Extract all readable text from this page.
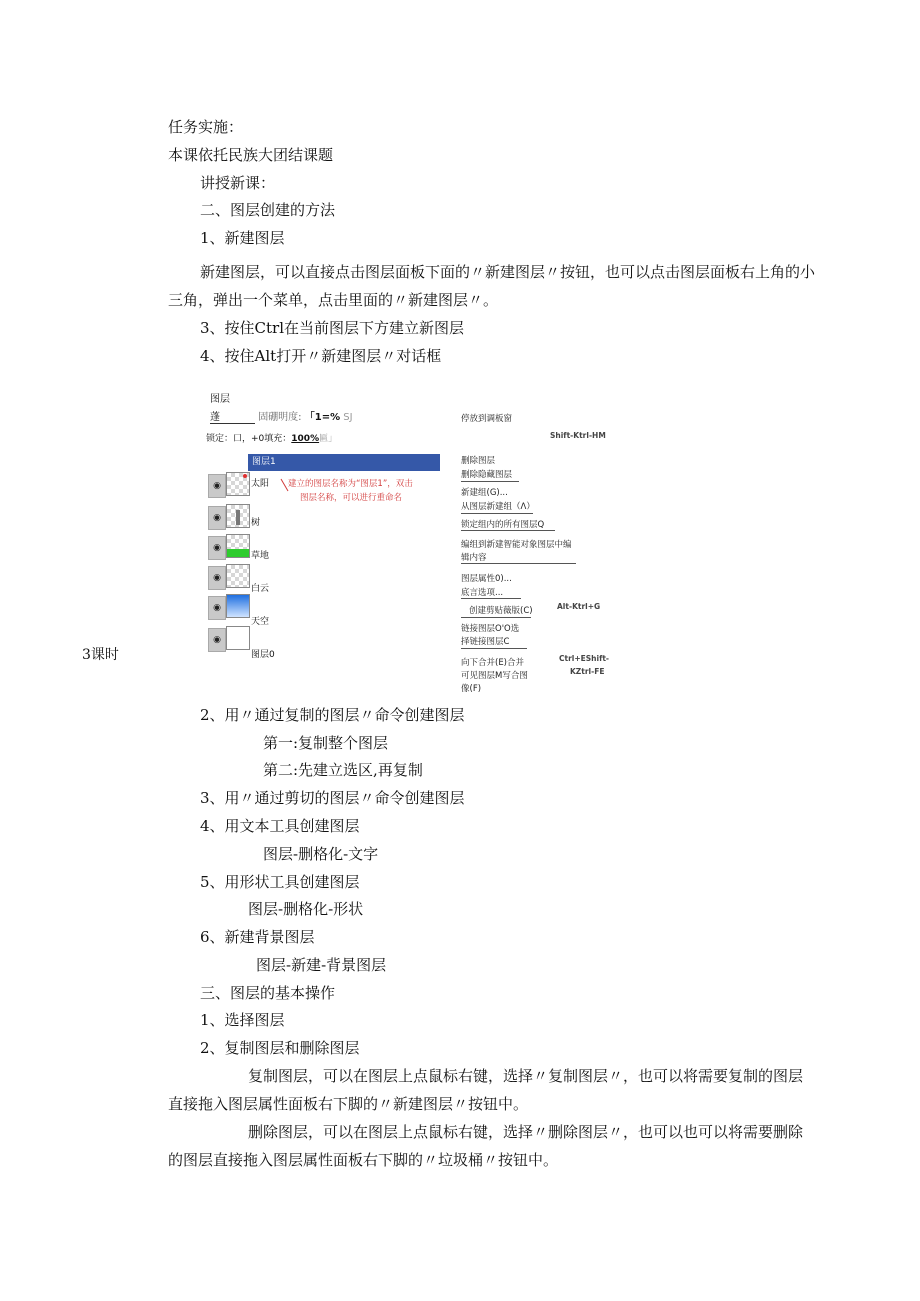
任务实施：
本课依托民族大团结课题
讲授新课：
二、图层创建的方法
1、新建图层
新建图层，可以直接点击图层面板下面的〃新建图层〃按钮，也可以点击图层面板右上角的小
三角，弹出一个菜单，点击里面的〃新建图层〃。
3、按住Ctrl在当前图层下方建立新图层
4、按住Alt打开〃新建图层〃对话框
3课时
图层
蓬	固硼明度: 「1=% SJ
锁定：口，+0填充：100%匾」
图层1
◉	太阳
◉	树
◉
草地
◉
白云
◉
天空
◉
图层0
建立的图层名称为“图层1”，双击
图层名称，可以进行重命名
停放到调板窗
Shift-Ktrl-HM
删除图层
删除隐藏图层
新建组(G)...
从图层新建组（Λ）
锁定组内的所有图层Q
编组到新建智能对象图层中编
辑内容
图层属性0)...
底言选项...
创建剪贴薇版(C)	Alt-Ktrl+G
链接图层O'O选
择链接图层C
向下合并(E)合并	Ctrl+EShift-
可见图层M写合图	KZtrl-FE
像(F)
2、用〃通过复制的图层〃命令创建图层
第一:复制整个图层
第二:先建立选区,再复制
3、用〃通过剪切的图层〃命令创建图层
4、用文本工具创建图层
图层-删格化-文字
5、用形状工具创建图层
图层-删格化-形状
6、新建背景图层
图层-新建-背景图层
三、图层的基本操作
1、选择图层
2、复制图层和删除图层
复制图层，可以在图层上点鼠标右键，选择〃复制图层〃，也可以将需要复制的图层
直接拖入图层属性面板右下脚的〃新建图层〃按钮中。
删除图层，可以在图层上点鼠标右键，选择〃删除图层〃，也可以也可以将需要删除
的图层直接拖入图层属性面板右下脚的〃垃圾桶〃按钮中。
